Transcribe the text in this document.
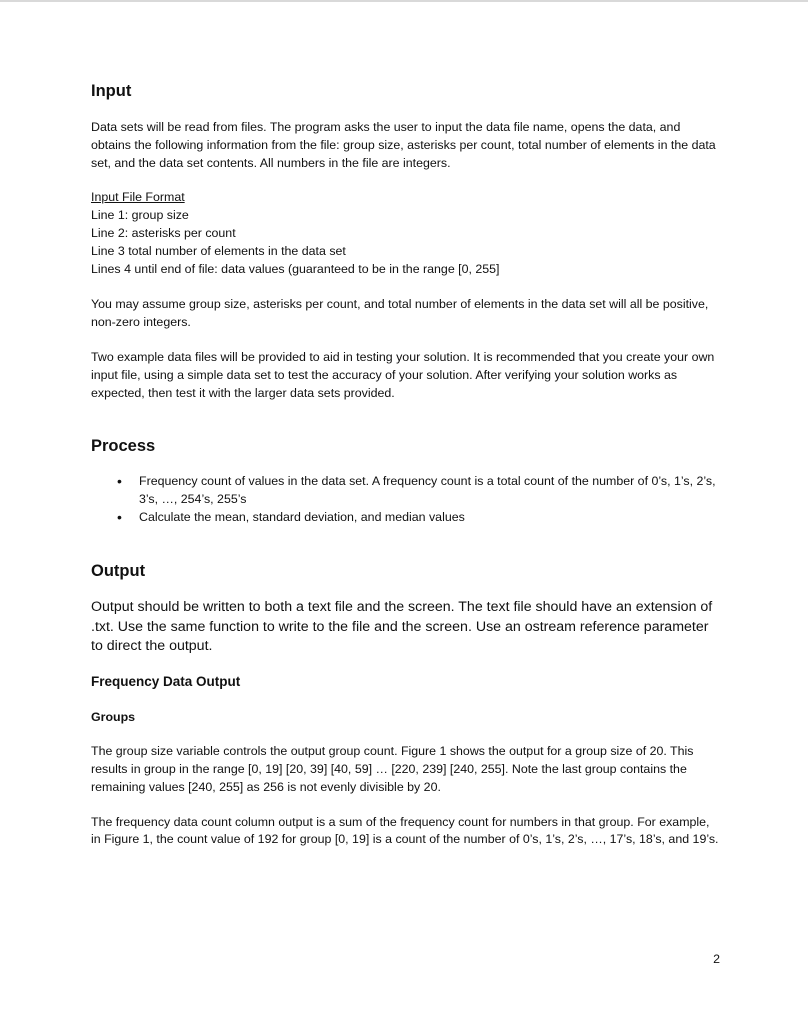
Input

Data sets will be read from files. The program asks the user to input the data file name, opens the data, and obtains the following information from the file: group size, asterisks per count, total number of elements in the data set, and the data set contents. All numbers in the file are integers.

Input File Format

Line 1: group size

Line 2: asterisks per count

Line 3 total number of elements in the data set

Lines 4 until end of file: data values (guaranteed to be in the range [0, 255]

You may assume group size, asterisks per count, and total number of elements in the data set will all be positive, non-zero integers.

Two example data files will be provided to aid in testing your solution. It is recommended that you create your own input file, using a simple data set to test the accuracy of your solution. After verifying your solution works as expected, then test it with the larger data sets provided.

Process
• Frequency count of values in the data set. A frequency count is a total count of the number of 0’s, 1’s, 2’s, 3’s, …, 254’s, 255’s
• Calculate the mean, standard deviation, and median values
Output

Output should be written to both a text file and the screen. The text file should have an extension of .txt. Use the same function to write to the file and the screen. Use an ostream reference parameter to direct the output.

Frequency Data Output

Groups

The group size variable controls the output group count. Figure 1 shows the output for a group size of 20. This results in group in the range [0, 19] [20, 39] [40, 59] … [220, 239] [240, 255]. Note the last group contains the remaining values [240, 255] as 256 is not evenly divisible by 20.

The frequency data count column output is a sum of the frequency count for numbers in that group. For example, in Figure 1, the count value of 192 for group [0, 19] is a count of the number of 0’s, 1’s, 2’s, …, 17’s, 18’s, and 19’s.

2
